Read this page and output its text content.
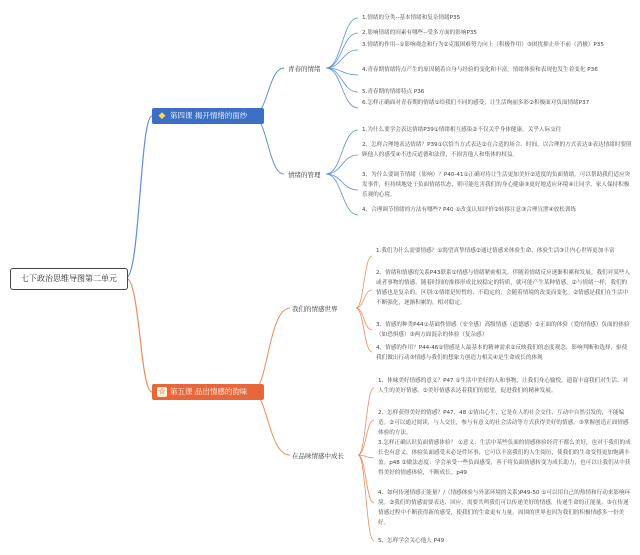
七下政治思维导图第二单元
◆ 第四课 揭开情绪的面纱
☆ 第五课 品出情感的韵味
青春的情绪
情绪的管理
我们的情感世界
在品味情感中成长
1.情绪的分类--基本情绪和复杂情绪P35
2.影响情绪的因素有哪些--受多方面的影响P35
3.情绪的作用--①影响观念和行为②克服困难努力向上（积极作用）③困扰抑止步不前（消极）P35
4.青春期情绪特点产生的原因随着自身与经验的变化和丰富，情绪体验和表现也发生着变化 P36
5.青春期的情绪特点 P36
6.怎样正确面对青春期的情绪①给我们不同的感受，让生活绚丽多彩②积极面对负面情绪P37
1.为什么要学会表达情绪P39①情绪相互感染②不仅关乎身体健康，关乎人际交往
2、怎样合理地表达情绪？P39①以恰当方式表达②在合适的场合、时间，以合理的方式表达③表达情绪时要照顾他人的感受④不违反道德和法律，不损害他人和集体的权益。
3、为什么要调节情绪（影响）？P40-41①正确对待让生活更加美好②适度的负面情绪，可以帮助我们适应突发事件，但持续地处于负面情绪状态，则可能危害我们的身心健康③更好地适应环境④让同学、家人保持积极乐观的心境。
4、合理调节情绪的方法有哪些? P40 ①改变认知评价②转移注意③合理宣泄④放松训练
1.我们为什么需要情感？①渴望真挚情感②通过情感来体验生命、体验生活③让内心世界更加丰富
2、情绪和情感的关系P43联系①情感与情绪紧密相关，伴随着情绪反应逐渐积累和发展。我们对某些人或者事物的情感，随着时间的推移形成比较稳定的特质，就可能产生某种情感。②与情绪一样，我们的情感也是复杂的。区别:①情绪是短暂的、不稳定的，会随着情境的改变而变化。②情感是我们在生活中不断强化，逐渐积累的，相对稳定。
3、情感的种类P44①基础性情感（安全感）高级情感（道德感）②正面的体验（爱的情感）负面的体验（如恐惧感）③两方面混杂的体验（复杂感）
4、情感的作用？P44-46①情感是人最基本的精神需求②反映我们的态度观念，影响判断和选择，驱使我们做出行动③情感与我们的想象力创造力相关④是生命成长的体现
1、体味美好情感的意义？P47 ①生活中美好的人和事物，让我们身心愉悦，遗留丰富我们对生活、对人生的美好情感。②美好情感表达着我们的愿望，促进我们的精神发展。
2、怎样获得美好的情感？P47、48 ①情由心生，它是在人的社会交往、互动中自然引发的，不能编造。②可以通过阅读，与人交往，参与有意义的社会活动等方式获得美好的情感。③掌握创造正面情感体验的方法。
3.怎样正确认识负面情感体验？ ①意义：生活中某些负面的情感体验经营不都么美好，也对于我们的成长也有意义。体验负面感受未必是件坏事，它可以丰富我们的人生阅历，使我们的生命变得更加饱满丰盈。p48 ②做法态度：学会承受一些负面感受，善于将负面情感转变为成长助力，也可以让我们从中获得美好的情感体验，不断成长。p49
4、如何传递情感正能量？/（情感体验与外部环境的关系)P49-50 ①可以用自己的热情和行动来影响环境。②我们的情感需要表达、回应，需要共鸣我们可以传递美好的情感，传递生命的正能量。③在传递情感过程中不断获得新的感受，使我们的生命更有力量，周围的世界也因为我们的积极情感多一份美好。
5、怎样学会关心他人 P49
